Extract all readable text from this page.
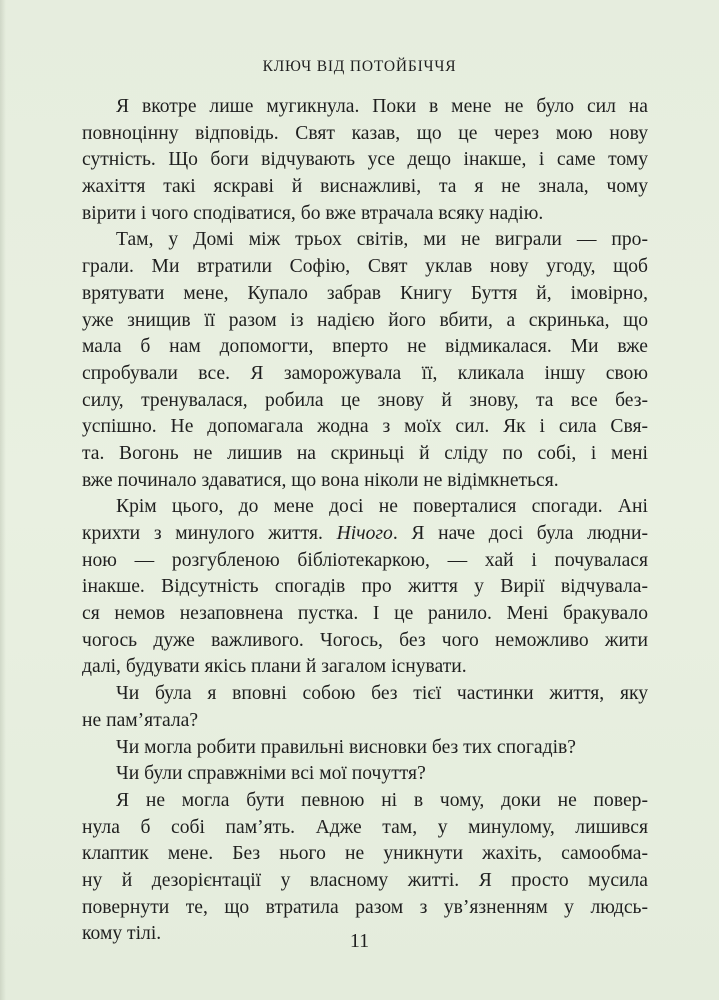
КЛЮЧ ВІД ПОТОЙБІЧЧЯ
Я вкотре лише мугикнула. Поки в мене не було сил на
повноцінну відповідь. Свят казав, що це через мою нову
сутність. Що боги відчувають усе дещо інакше, і саме тому
жахіття такі яскраві й виснажливі, та я не знала, чому
вірити і чого сподіватися, бо вже втрачала всяку надію.
Там, у Домі між трьох світів, ми не виграли — про-
грали. Ми втратили Софію, Свят уклав нову угоду, щоб
врятувати мене, Купало забрав Книгу Буття й, імовірно,
уже знищив її разом із надією його вбити, а скринька, що
мала б нам допомогти, вперто не відмикалася. Ми вже
спробували все. Я заморожувала її, кликала іншу свою
силу, тренувалася, робила це знову й знову, та все без-
успішно. Не допомагала жодна з моїх сил. Як і сила Свя-
та. Вогонь не лишив на скриньці й сліду по собі, і мені
вже починало здаватися, що вона ніколи не відімкнеться.
Крім цього, до мене досі не поверталися спогади. Ані
крихти з минулого життя. Нічого. Я наче досі була людни-
ною — розгубленою бібліотекаркою, — хай і почувалася
інакше. Відсутність спогадів про життя у Вирії відчувала-
ся немов незаповнена пустка. І це ранило. Мені бракувало
чогось дуже важливого. Чогось, без чого неможливо жити
далі, будувати якісь плани й загалом існувати.
Чи була я вповні собою без тієї частинки життя, яку
не пам’ятала?
Чи могла робити правильні висновки без тих спогадів?
Чи були справжніми всі мої почуття?
Я не могла бути певною ні в чому, доки не повер-
нула б собі пам’ять. Адже там, у минулому, лишився
клаптик мене. Без нього не уникнути жахіть, самообма-
ну й дезорієнтації у власному житті. Я просто мусила
повернути те, що втратила разом з ув’язненням у людсь-
кому тілі.	11
